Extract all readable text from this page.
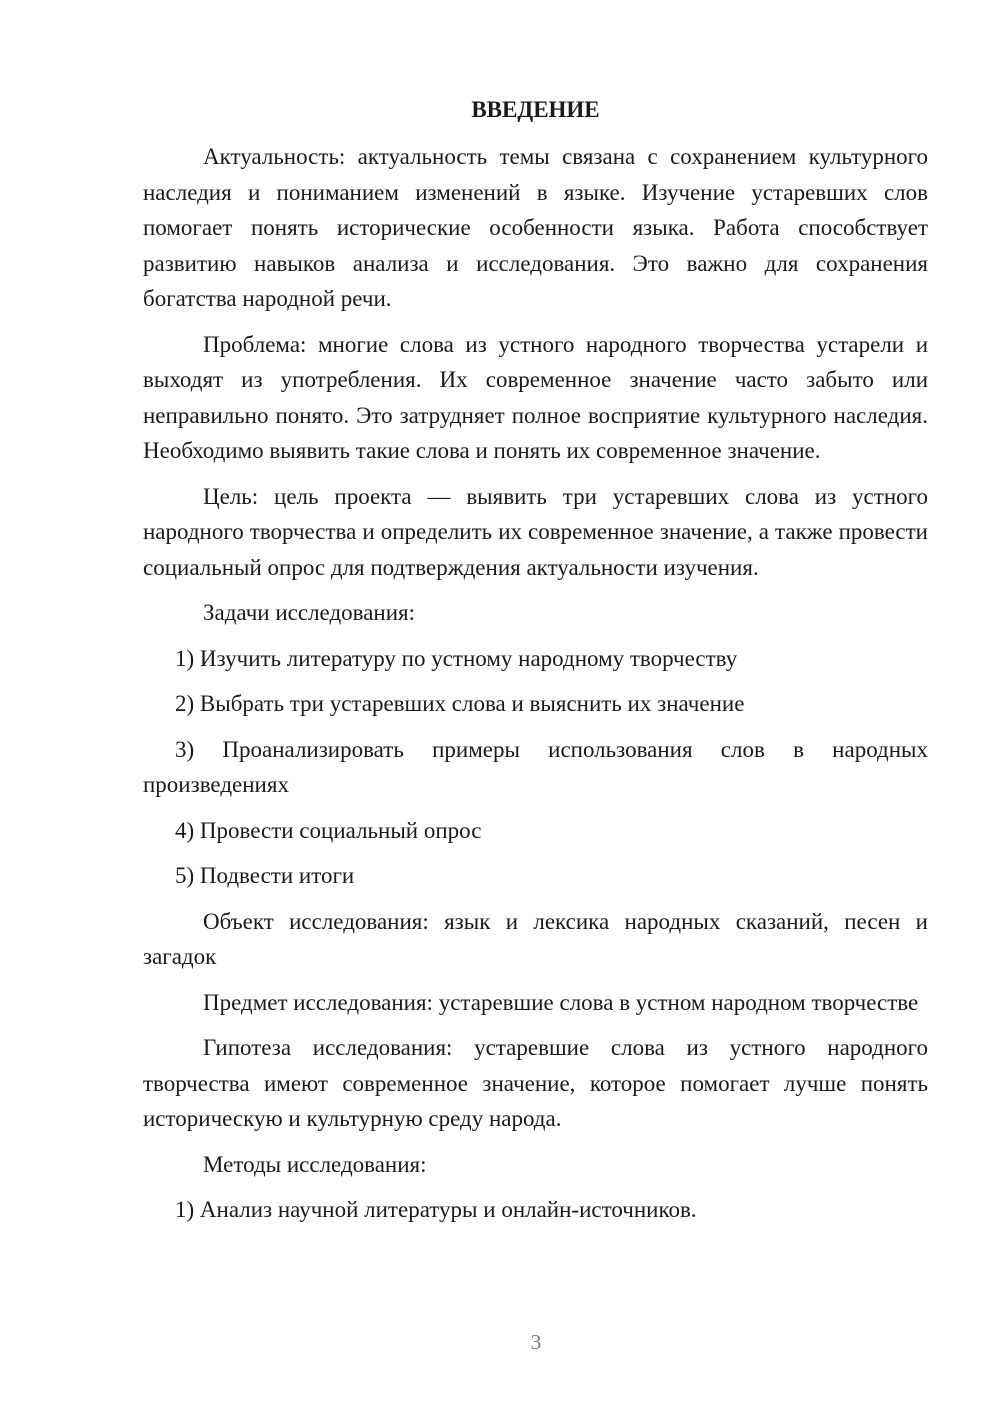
ВВЕДЕНИЕ

Актуальность: актуальность темы связана с сохранением культурного наследия и пониманием изменений в языке. Изучение устаревших слов помогает понять исторические особенности языка. Работа способствует развитию навыков анализа и исследования. Это важно для сохранения богатства народной речи.

Проблема: многие слова из устного народного творчества устарели и выходят из употребления. Их современное значение часто забыто или неправильно понято. Это затрудняет полное восприятие культурного наследия. Необходимо выявить такие слова и понять их современное значение.

Цель: цель проекта — выявить три устаревших слова из устного народного творчества и определить их современное значение, а также провести социальный опрос для подтверждения актуальности изучения.

Задачи исследования:

1) Изучить литературу по устному народному творчеству

2) Выбрать три устаревших слова и выяснить их значение

3) Проанализировать примеры использования слов в народных произведениях

4) Провести социальный опрос

5) Подвести итоги

Объект исследования: язык и лексика народных сказаний, песен и загадок

Предмет исследования: устаревшие слова в устном народном творчестве

Гипотеза исследования: устаревшие слова из устного народного творчества имеют современное значение, которое помогает лучше понять историческую и культурную среду народа.

Методы исследования:

1) Анализ научной литературы и онлайн-источников.

3
